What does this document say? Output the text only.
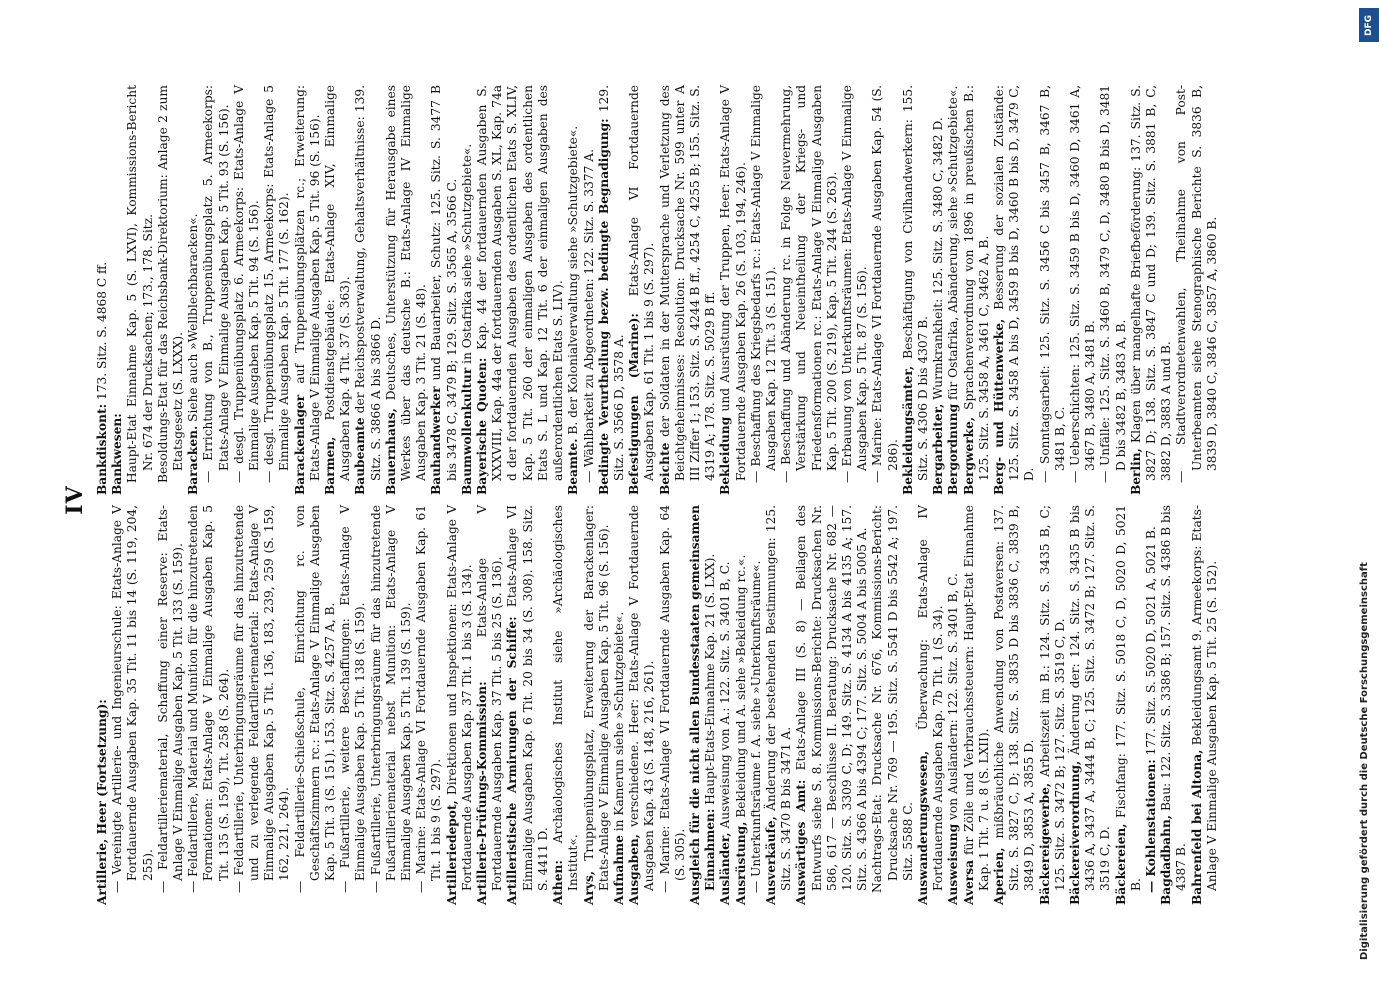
IV

Artillerie, Heer (Fortsetzung): — Vereinigte Artillerie- und Ingenieurschule: Etats-Anlage V Fortdauernde Ausgaben Kap. 35 Tit. 11 bis 14 (S. 119, 204, 255). — Feldartilleriematerial, Schaffung einer Reserve: Etats-Anlage V Einmalige Ausgaben Kap. 5 Tit. 133 (S. 159). — Feldartillerie, Material und Munition für die hinzutretenden Formationen: Etats-Anlage V Einmalige Ausgaben Kap. 5 Tit. 135 (S. 159), Tit. 258 (S. 264). — Feldartillerie, Unterbringungsräume für das hinzutretende und zu verlegende Feldartilleriematerial: Etats-Anlage V Einmalige Ausgaben Kap. 5 Tit. 136, 183, 239, 259 (S. 159, 162, 221, 264). — Feldartillerie-Schießschule, Einrichtung rc. von Geschäftszimmern rc.: Etats-Anlage V Einmalige Ausgaben Kap. 5 Tit. 3 (S. 151). 153. Sitz. S. 4257 A, B. — Fußartillerie, weitere Beschaffungen: Etats-Anlage V Einmalige Ausgaben Kap. 5 Tit. 138 (S. 159). — Fußartillerie, Unterbringungsräume für das hinzutretende Fußartilleriematerial nebst Munition: Etats-Anlage V Einmalige Ausgaben Kap. 5 Tit. 139 (S. 159). — Marine: Etats-Anlage VI Fortdauernde Ausgaben Kap. 61 Tit. 1 bis 9 (S. 297). Artilleriedepot, Direktionen und Inspektionen: Etats-Anlage V Fortdauernde Ausgaben Kap. 37 Tit. 1 bis 3 (S. 134). Artillerie-Prüfungs-Kommission: Etats-Anlage V Fortdauernde Ausgaben Kap. 37 Tit. 5 bis 25 (S. 136). Artilleristische Armirungen der Schiffe: Etats-Anlage VI Einmalige Ausgaben Kap. 6 Tit. 20 bis 34 (S. 308). 158. Sitz. S. 4411 D. Athen: Archäologisches Institut siehe »Archäologisches Institut«. Arys, Truppenübungsplatz, Erweiterung der Barackenlager: Etats-Anlage V Einmalige Ausgaben Kap. 5 Tit. 96 (S. 156). Aufnahme in Kamerun siehe »Schutzgebiete«.

Ausgaben, verschiedene. Heer: Etats-Anlage V Fortdauernde Ausgaben Kap. 43 (S. 148, 216, 261). — Marine: Etats-Anlage VI Fortdauernde Ausgaben Kap. 64 (S. 305). Ausgleich für die nicht allen Bundesstaaten gemeinsamen Einnahmen: Haupt-Etats-Einnahme Kap. 21 (S. LXX).

Ausländer, Ausweisung von A.: 122. Sitz. S. 3401 B, C.

Ausrüstung, Bekleidung und A. siehe »Bekleidung rc.«. — Unterkunftsräume f. A. siehe »Unterkunftsräume«. Ausverkäufe, Änderung der bestehenden Bestimmungen: 125. Sitz. S. 3470 B bis 3471 A. Auswärtiges Amt: Etats-Anlage III (S. 8) — Beilagen des Entwurfs siehe S. 8. Kommissions-Berichte: Drucksachen Nr. 586, 617 — Beschlüsse II. Beratung: Drucksache Nr. 682 — 120. Sitz. S. 3309 C, D; 149. Sitz. S. 4134 A bis 4135 A; 157. Sitz. S. 4366 A bis 4394 C; 177. Sitz. S. 5004 A bis 5005 A. Nachtrags-Etat: Drucksache Nr. 676, Kommissions-Bericht: Drucksache Nr. 769 — 195. Sitz. S. 5541 D bis 5542 A; 197. Sitz. 5588 C. Auswanderungswesen, Überwachung: Etats-Anlage IV Fortdauernde Ausgaben Kap. 7b Tit. 1 (S. 34). Ausweisung von Ausländern: 122. Sitz. S. 3401 B, C.

Aversa für Zölle und Verbrauchssteuern: Haupt-Etat Einnahme Kap. 1 Tit. 7 u. 8 (S. LXII). Aperien, mißbräuchliche Anwendung von Postaversen: 137. Sitz. S. 3827 C, D; 138. Sitz. S. 3835 D bis 3836 C, 3839 B, 3849 D, 3853 A, 3855 D. Bäckereigewerbe, Arbeitszeit im B.: 124. Sitz. S. 3435 B, C; 125. Sitz. S. 3472 B; 127. Sitz. S. 3519 C, D. Bäckereiverordnung, Änderung der: 124. Sitz. S. 3435 B bis 3436 A, 3437 A, 3444 B, C; 125. Sitz. S. 3472 B; 127. Sitz. S. 3519 C, D. Bäckereien, Fischfang: 177. Sitz. S. 5018 C, D, 5020 D, 5021 B. — Kohlenstationen: 177. Sitz. S. 5020 D, 5021 A, 5021 B.

Bagdadbahn, Bau: 122. Sitz. S. 3386 B; 157. Sitz. S. 4386 B bis 4387 B. Bahrenfeld bei Altona, Bekleidungsamt 9. Armeekorps: Etats-Anlage V Einmalige Ausgaben Kap. 5 Tit. 25 (S. 152).

Bankdiskont: 173. Sitz. S. 4868 C ff.

Bankwesen: Haupt-Etat Einnahme Kap. 5 (S. LXVI), Kommissions-Bericht Nr. 674 der Drucksachen; 173., 178. Sitz. Besoldungs-Etat für das Reichsbank-Direktorium: Anlage 2 zum Etatsgesetz (S. LXXX). Baracken. Siehe auch »Wellblechbaracken«. — Errichtung von B., Truppenübungsplatz 5. Armeekorps: Etats-Anlage V Einmalige Ausgaben Kap. 5 Tit. 93 (S. 156). — desgl. Truppenübungsplatz 6. Armeekorps: Etats-Anlage V Einmalige Ausgaben Kap. 5 Tit. 94 (S. 156). — desgl. Truppenübungsplatz 15. Armeekorps: Etats-Anlage 5 Einmalige Ausgaben Kap. 5 Tit. 177 (S. 162). Barackenlager auf Truppenübungsplätzen rc.; Erweiterung: Etats-Anlage V Einmalige Ausgaben Kap. 5 Tit. 96 (S. 156). Barmen, Postdienstgebäude: Etats-Anlage XIV, Einmalige Ausgaben Kap. 4 Tit. 37 (S. 363). Baubeamte der Reichspostverwaltung, Gehaltsverhältnisse: 139. Sitz. S. 3866 A bis 3866 D. Bauernhaus, Deutsches, Unterstützung für Herausgabe eines Werkes über das deutsche B.: Etats-Anlage IV Einmalige Ausgaben Kap. 3 Tit. 21 (S. 48). Bauhandwerker und Bauarbeiter, Schutz: 125. Sitz. S. 3477 B bis 3478 C, 3479 B; 129. Sitz. S. 3565 A, 3566 C. Baumwollenkultur in Ostafrika siehe »Schutzgebiete«.

Bayerische Quoten: Kap. 44 der fortdauernden Ausgaben S. XXXVIII, Kap. 44a der fortdauernden Ausgaben S. XL, Kap. 74a d der fortdauernden Ausgaben des ordentlichen Etats S. XLIV, Kap. 5 Tit. 260 der einmaligen Ausgaben des ordentlichen Etats S. L und Kap. 12 Tit. 6 der einmaligen Ausgaben des außerordentlichen Etats S. LIV). Beamte. B. der Kolonialverwaltung siehe »Schutzgebiete«. — Wählbarkeit zu Abgeordneten: 122. Sitz. S. 3377 A. Bedingte Verurtheilung bezw. bedingte Begnadigung: 129. Sitz. S. 3566 D, 3578 A. Befestigungen (Marine): Etats-Anlage VI Fortdauernde Ausgaben Kap. 61 Tit. 1 bis 9 (S. 297). Beichte der Soldaten in der Muttersprache und Verletzung des Beichtgeheimnisses: Resolution: Drucksache Nr. 599 unter A III Ziffer 1; 153. Sitz. S. 4244 B ff., 4254 C, 4255 B; 155. Sitz. S. 4319 A; 178. Sitz. S. 5029 B ff. Bekleidung und Ausrüstung der Truppen, Heer: Etats-Anlage V Fortdauernde Ausgaben Kap. 26 (S. 103, 194, 246). — Beschaffung des Kriegsbedarfs rc.: Etats-Anlage V Einmalige Ausgaben Kap. 12 Tit. 3 (S. 151). — Beschaffung und Abänderung rc. in Folge Neuvermehrung, Verstärkung und Neueintheilung der Kriegs- und Friedensformationen rc.: Etats-Anlage V Einmalige Ausgaben Kap. 5 Tit. 200 (S. 219), Kap. 5 Tit. 244 (S. 263). — Erbauung von Unterkunftsräumen: Etats-Anlage V Einmalige Ausgaben Kap. 5 Tit. 87 (S. 156). — Marine: Etats-Anlage VI Fortdauernde Ausgaben Kap. 54 (S. 286). Bekleidungsämter, Beschäftigung von Civilhandwerkern: 155. Sitz. S. 4306 D bis 4307 B. Bergarbeiter, Wurmkrankheit: 125. Sitz. S. 3480 C, 3482 D.

Bergordnung für Ostafrika, Abänderung, siehe »Schutzgebiete«.

Bergwerke, Sprachenverordnung von 1896 in preußischen B.: 125. Sitz. S. 3458 A, 3461 C, 3462 A, B. Berg- und Hüttenwerke, Besserung der sozialen Zustände: 125. Sitz. S. 3458 A bis D, 3459 B bis D, 3460 B bis D, 3479 C, D. — Sonntagsarbeit: 125. Sitz. S. 3456 C bis 3457 B, 3467 B, 3481 B, C. — Ueberschichten: 125. Sitz. S. 3459 B bis D, 3460 D, 3461 A, 3467 B, 3480 A, 3481 B. — Unfälle: 125. Sitz. S. 3460 B, 3479 C, D, 3480 B bis D, 3481 D bis 3482 B, 3483 A, B.

Berlin, Klagen über mangelhafte Briefbeförderung: 137. Sitz. S. 3827 D; 138. Sitz. S. 3847 C und D; 139. Sitz. S. 3881 B, C, 3882 D, 3883 A und B. — Stadtverordnetenwahlen, Theilnahme von Post-Unterbeamten siehe Stenographische Berichte S. 3836 B, 3839 D, 3840 C, 3846 C, 3857 A, 3860 B.

Digitalisierung gefördert durch die Deutsche Forschungsgemeinschaft
DFG
